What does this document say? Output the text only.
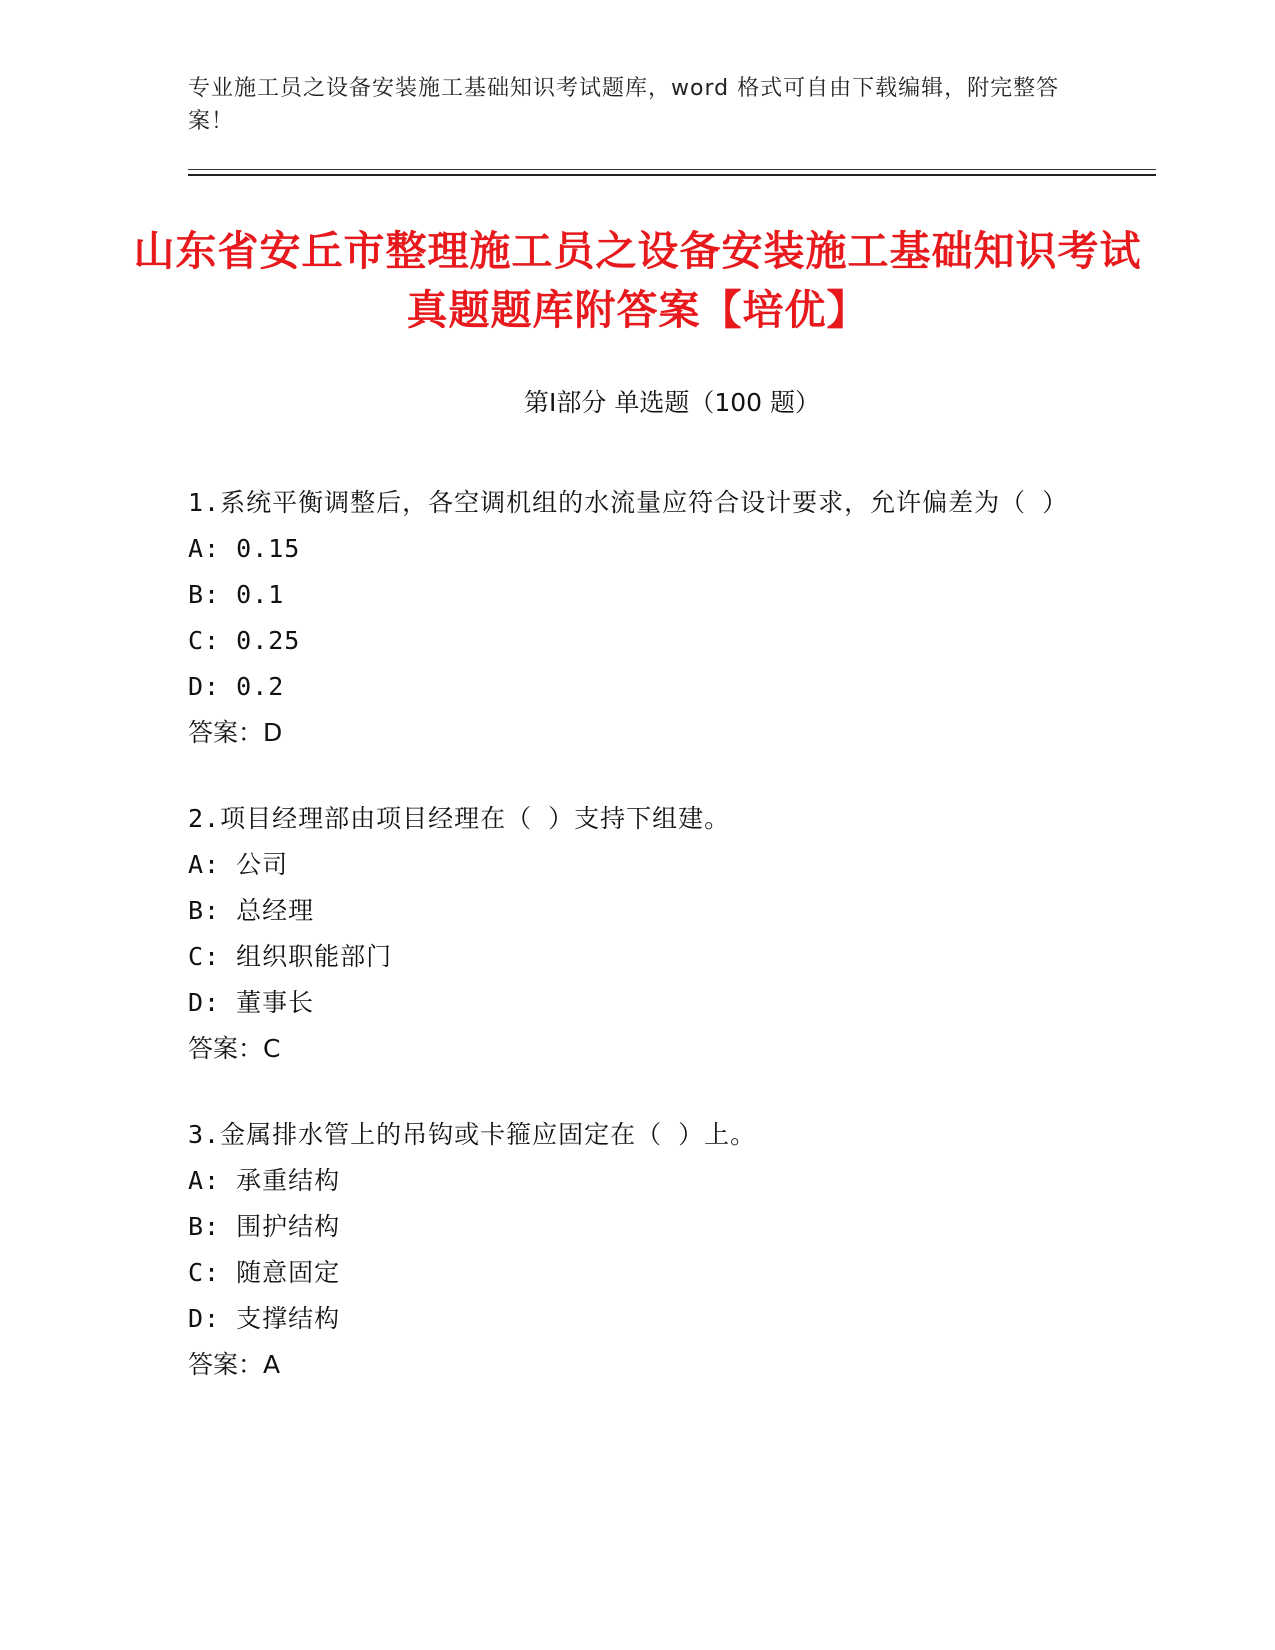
专业施工员之设备安装施工基础知识考试题库，word 格式可自由下载编辑，附完整答案！
山东省安丘市整理施工员之设备安装施工基础知识考试真题题库附答案【培优】
第Ⅰ部分 单选题（100 题）
1.系统平衡调整后，各空调机组的水流量应符合设计要求，允许偏差为（ ）
A: 0.15
B: 0.1
C: 0.25
D: 0.2
答案：D
2.项目经理部由项目经理在（ ）支持下组建。
A: 公司
B: 总经理
C: 组织职能部门
D: 董事长
答案：C
3.金属排水管上的吊钩或卡箍应固定在（ ）上。
A: 承重结构
B: 围护结构
C: 随意固定
D: 支撑结构
答案：A
